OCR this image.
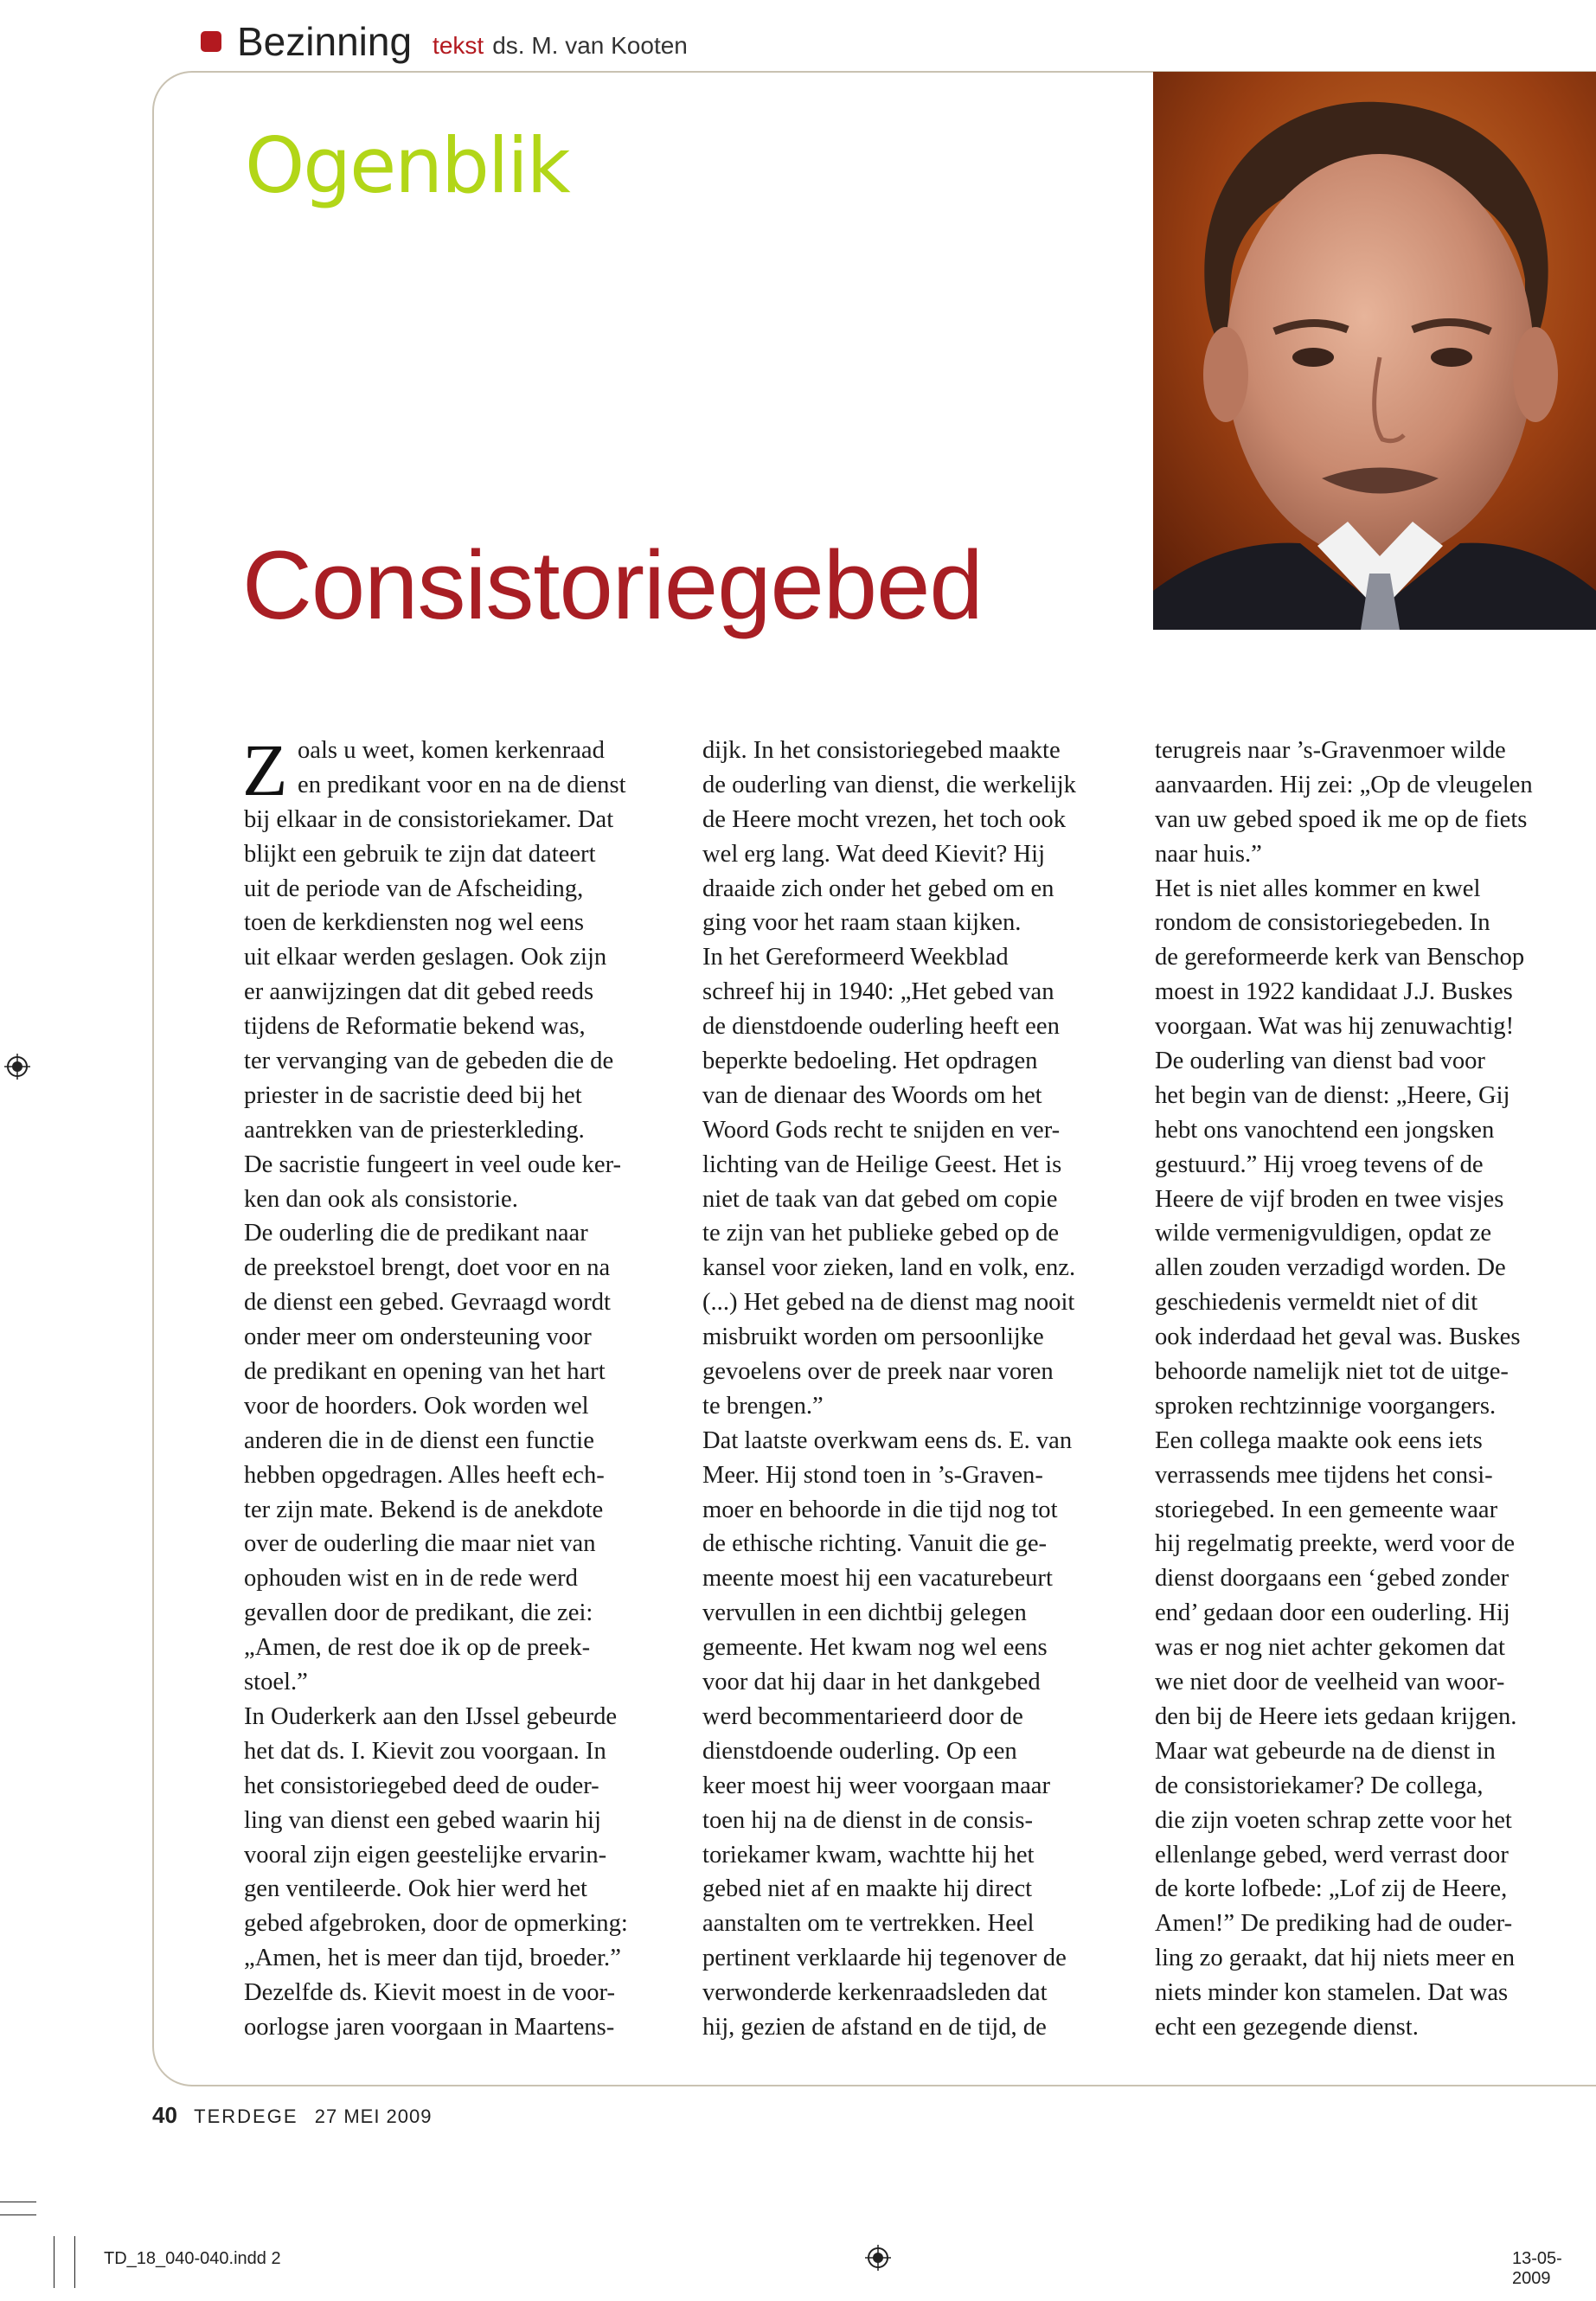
Bezinning tekst ds. M. van Kooten
Ogenblik
Consistoriegebed
Z oals u weet, komen kerkenraad
en predikant voor en na de dienst
bij elkaar in de consistoriekamer. Dat
blijkt een gebruik te zijn dat dateert
uit de periode van de Afscheiding,
toen de kerkdiensten nog wel eens
uit elkaar werden geslagen. Ook zijn
er aanwijzingen dat dit gebed reeds
tijdens de Reformatie bekend was,
ter vervanging van de gebeden die de
priester in de sacristie deed bij het
aantrekken van de priesterkleding.
De sacristie fungeert in veel oude ker-
ken dan ook als consistorie.
De ouderling die de predikant naar
de preekstoel brengt, doet voor en na
de dienst een gebed. Gevraagd wordt
onder meer om ondersteuning voor
de predikant en opening van het hart
voor de hoorders. Ook worden wel
anderen die in de dienst een functie
hebben opgedragen. Alles heeft ech-
ter zijn mate. Bekend is de anekdote
over de ouderling die maar niet van
ophouden wist en in de rede werd
gevallen door de predikant, die zei:
„Amen, de rest doe ik op de preek-
stoel.”
In Ouderkerk aan den IJssel gebeurde
het dat ds. I. Kievit zou voorgaan. In
het consistoriegebed deed de ouder-
ling van dienst een gebed waarin hij
vooral zijn eigen geestelijke ervarin-
gen ventileerde. Ook hier werd het
gebed afgebroken, door de opmerking:
„Amen, het is meer dan tijd, broeder.”
Dezelfde ds. Kievit moest in de voor-
oorlogse jaren voorgaan in Maartens-
dijk. In het consistoriegebed maakte
de ouderling van dienst, die werkelijk
de Heere mocht vrezen, het toch ook
wel erg lang. Wat deed Kievit? Hij
draaide zich onder het gebed om en
ging voor het raam staan kijken.
In het Gereformeerd Weekblad
schreef hij in 1940: „Het gebed van
de dienstdoende ouderling heeft een
beperkte bedoeling. Het opdragen
van de dienaar des Woords om het
Woord Gods recht te snijden en ver-
lichting van de Heilige Geest. Het is
niet de taak van dat gebed om copie
te zijn van het publieke gebed op de
kansel voor zieken, land en volk, enz.
(...) Het gebed na de dienst mag nooit
misbruikt worden om persoonlijke
gevoelens over de preek naar voren
te brengen.”
Dat laatste overkwam eens ds. E. van
Meer. Hij stond toen in ’s-Graven-
moer en behoorde in die tijd nog tot
de ethische richting. Vanuit die ge-
meente moest hij een vacaturebeurt
vervullen in een dichtbij gelegen
gemeente. Het kwam nog wel eens
voor dat hij daar in het dankgebed
werd becommentarieerd door de
dienstdoende ouderling. Op een
keer moest hij weer voorgaan maar
toen hij na de dienst in de consis-
toriekamer kwam, wachtte hij het
gebed niet af en maakte hij direct
aanstalten om te vertrekken. Heel
pertinent verklaarde hij tegenover de
verwonderde kerkenraadsleden dat
hij, gezien de afstand en de tijd, de
terugreis naar ’s-Gravenmoer wilde
aanvaarden. Hij zei: „Op de vleugelen
van uw gebed spoed ik me op de fiets
naar huis.”
Het is niet alles kommer en kwel
rondom de consistoriegebeden. In
de gereformeerde kerk van Benschop
moest in 1922 kandidaat J.J. Buskes
voorgaan. Wat was hij zenuwachtig!
De ouderling van dienst bad voor
het begin van de dienst: „Heere, Gij
hebt ons vanochtend een jongsken
gestuurd.” Hij vroeg tevens of de
Heere de vijf broden en twee visjes
wilde vermenigvuldigen, opdat ze
allen zouden verzadigd worden. De
geschiedenis vermeldt niet of dit
ook inderdaad het geval was. Buskes
behoorde namelijk niet tot de uitge-
sproken rechtzinnige voorgangers.
Een collega maakte ook eens iets
verrassends mee tijdens het consi-
storiegebed. In een gemeente waar
hij regelmatig preekte, werd voor de
dienst doorgaans een ‘gebed zonder
end’ gedaan door een ouderling. Hij
was er nog niet achter gekomen dat
we niet door de veelheid van woor-
den bij de Heere iets gedaan krijgen.
Maar wat gebeurde na de dienst in
de consistoriekamer? De collega,
die zijn voeten schrap zette voor het
ellenlange gebed, werd verrast door
de korte lofbede: „Lof zij de Heere,
Amen!” De prediking had de ouder-
ling zo geraakt, dat hij niets meer en
niets minder kon stamelen. Dat was
echt een gezegende dienst.
40 TERDEGE 27 MEI 2009
TD_18_040-040.indd 2	13-05-2009
